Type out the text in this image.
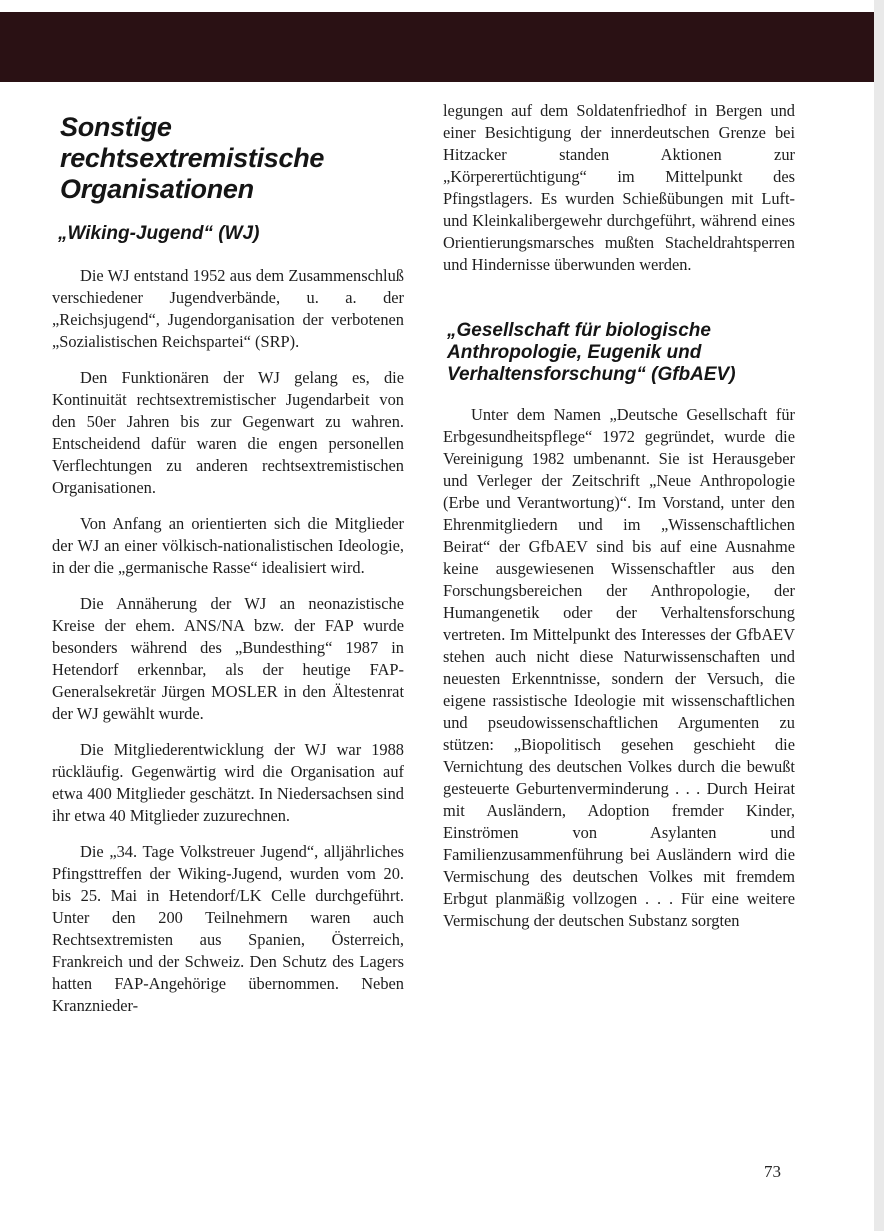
Sonstige rechtsextremistische Organisationen
„Wiking-Jugend“ (WJ)

Die WJ entstand 1952 aus dem Zusammenschluß verschiedener Jugendverbände, u. a. der „Reichsjugend“, Jugendorganisation der verbotenen „Sozialistischen Reichspartei“ (SRP).

Den Funktionären der WJ gelang es, die Kontinuität rechtsextremistischer Jugendarbeit von den 50er Jahren bis zur Gegenwart zu wahren. Entscheidend dafür waren die engen personellen Verflechtungen zu anderen rechtsextremistischen Organisationen.

Von Anfang an orientierten sich die Mitglieder der WJ an einer völkisch-nationalistischen Ideologie, in der die „germanische Rasse“ idealisiert wird.

Die Annäherung der WJ an neonazistische Kreise der ehem. ANS/NA bzw. der FAP wurde besonders während des „Bundesthing“ 1987 in Hetendorf erkennbar, als der heutige FAP-Generalsekretär Jürgen MOSLER in den Ältestenrat der WJ gewählt wurde.

Die Mitgliederentwicklung der WJ war 1988 rückläufig. Gegenwärtig wird die Organisation auf etwa 400 Mitglieder geschätzt. In Niedersachsen sind ihr etwa 40 Mitglieder zuzurechnen.

Die „34. Tage Volkstreuer Jugend“, alljährliches Pfingsttreffen der Wiking-Jugend, wurden vom 20. bis 25. Mai in Hetendorf/LK Celle durchgeführt. Unter den 200 Teilnehmern waren auch Rechtsextremisten aus Spanien, Österreich, Frankreich und der Schweiz. Den Schutz des Lagers hatten FAP-Angehörige übernommen. Neben Kranznieder-

legungen auf dem Soldatenfriedhof in Bergen und einer Besichtigung der innerdeutschen Grenze bei Hitzacker standen Aktionen zur „Körperertüchtigung“ im Mittelpunkt des Pfingstlagers. Es wurden Schießübungen mit Luft- und Kleinkalibergewehr durchgeführt, während eines Orientierungsmarsches mußten Stacheldrahtsperren und Hindernisse überwunden werden.

„Gesellschaft für biologische Anthropologie, Eugenik und Verhaltensforschung“ (GfbAEV)

Unter dem Namen „Deutsche Gesellschaft für Erbgesundheitspflege“ 1972 gegründet, wurde die Vereinigung 1982 umbenannt. Sie ist Herausgeber und Verleger der Zeitschrift „Neue Anthropologie (Erbe und Verantwortung)“. Im Vorstand, unter den Ehrenmitgliedern und im „Wissenschaftlichen Beirat“ der GfbAEV sind bis auf eine Ausnahme keine ausgewiesenen Wissenschaftler aus den Forschungsbereichen der Anthropologie, der Humangenetik oder der Verhaltensforschung vertreten. Im Mittelpunkt des Interesses der GfbAEV stehen auch nicht diese Naturwissenschaften und neuesten Erkenntnisse, sondern der Versuch, die eigene rassistische Ideologie mit wissenschaftlichen und pseudowissenschaftlichen Argumenten zu stützen: „Biopolitisch gesehen geschieht die Vernichtung des deutschen Volkes durch die bewußt gesteuerte Geburtenverminderung . . . Durch Heirat mit Ausländern, Adoption fremder Kinder, Einströmen von Asylanten und Familienzusammenführung bei Ausländern wird die Vermischung des deutschen Volkes mit fremdem Erbgut planmäßig vollzogen . . . Für eine weitere Vermischung der deutschen Substanz sorgten

73
